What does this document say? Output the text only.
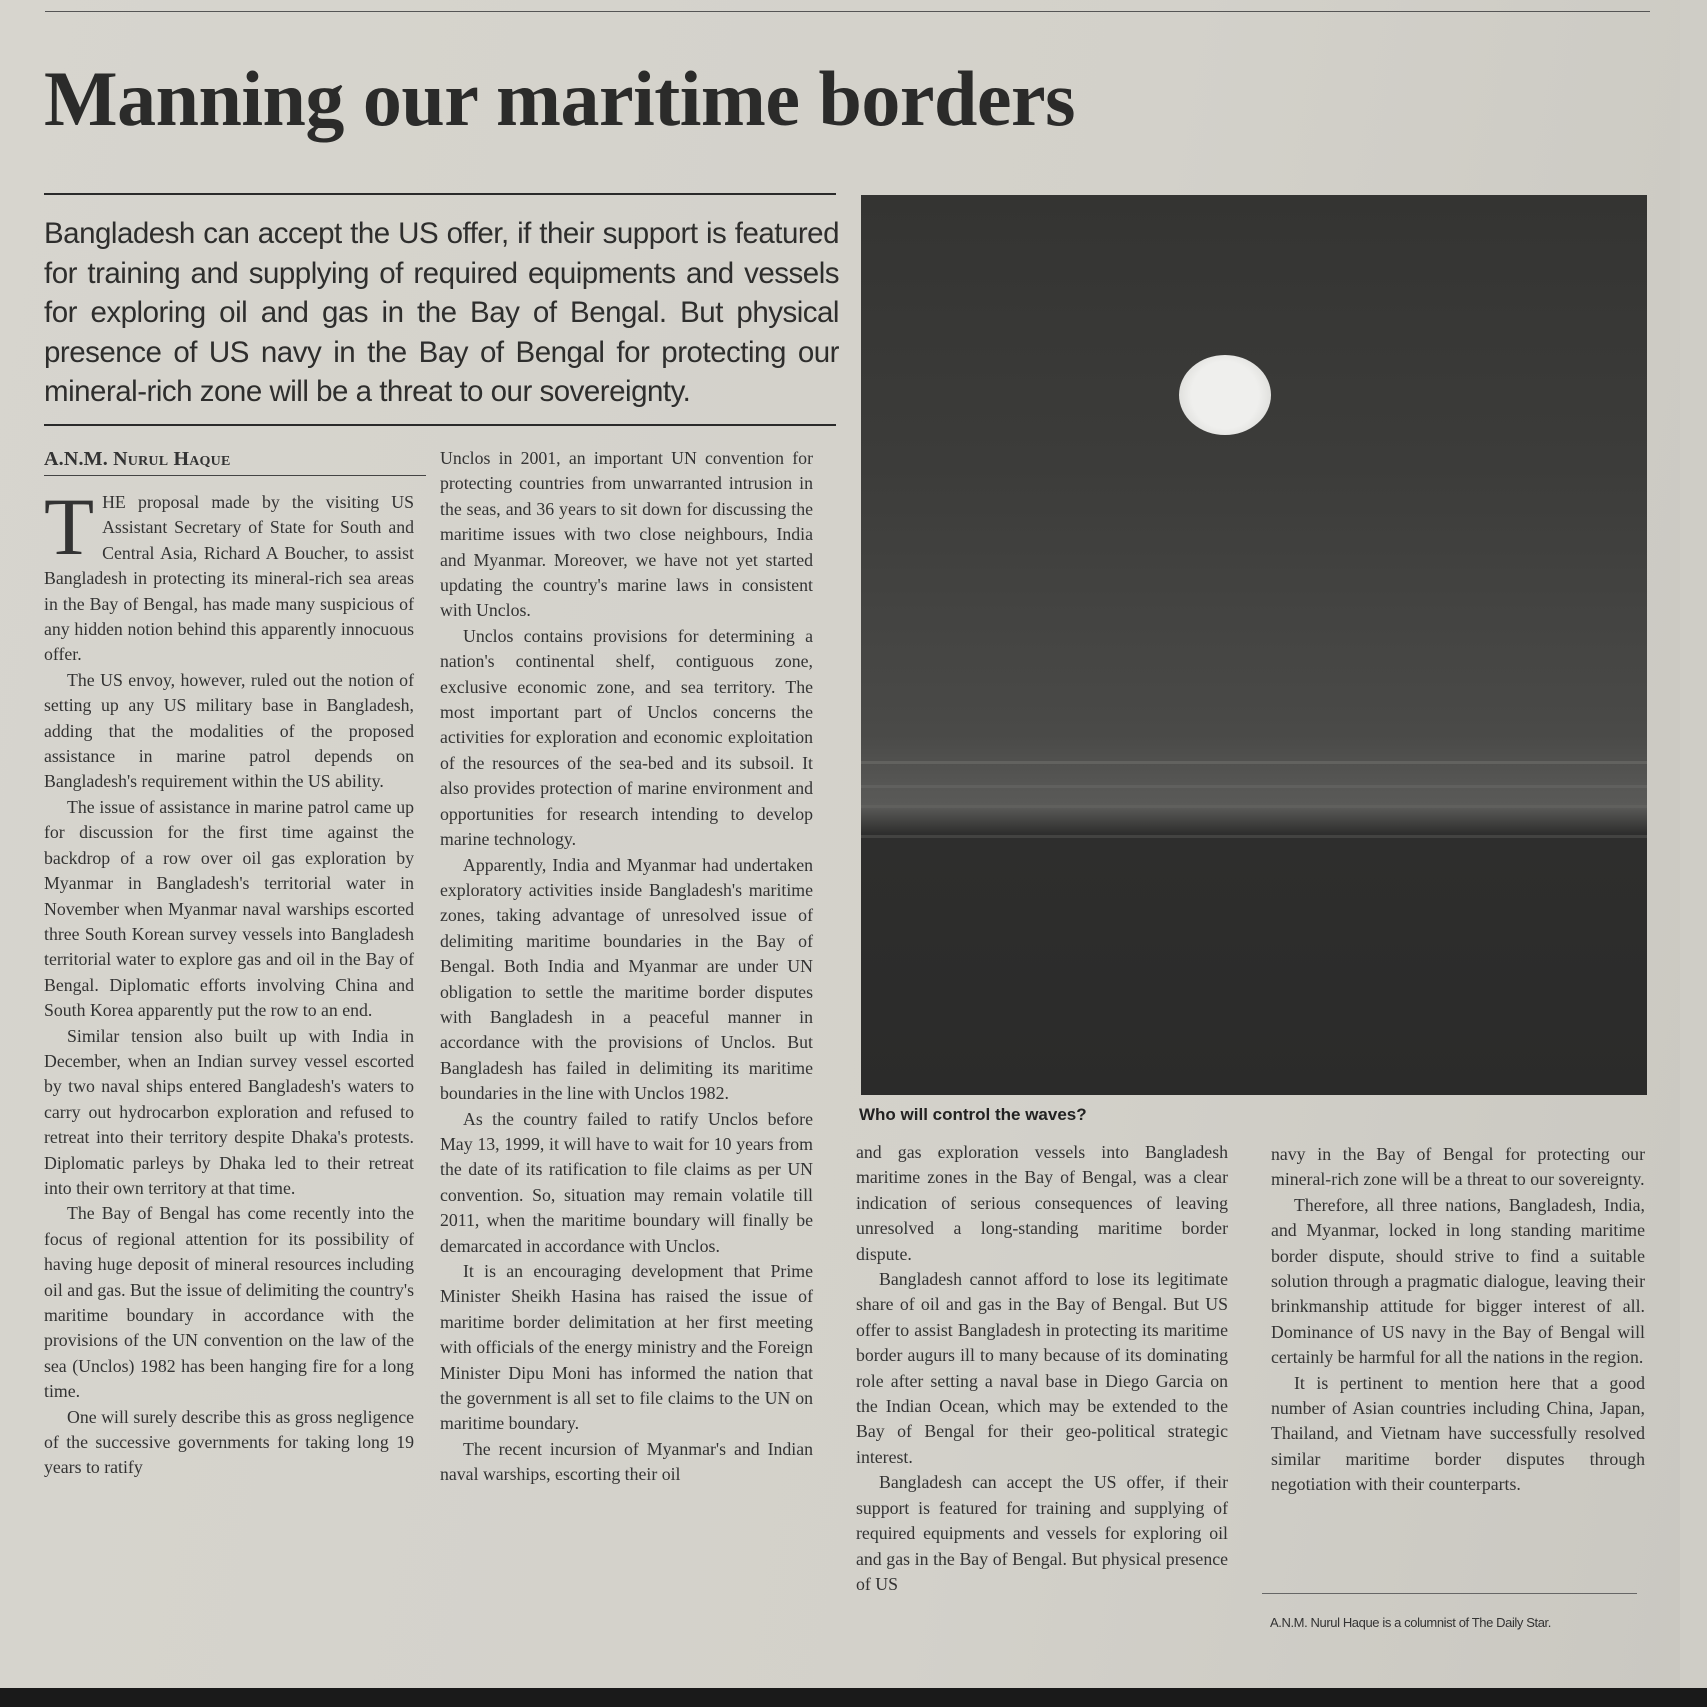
Manning our maritime borders

Bangladesh can accept the US offer, if their support is featured for training and supplying of required equipments and vessels for exploring oil and gas in the Bay of Bengal. But physical presence of US navy in the Bay of Bengal for protecting our mineral-rich zone will be a threat to our sovereignty.

A.N.M. Nurul Haque

T HE proposal made by the visiting US Assistant Secretary of State for South and Central Asia, Richard A Boucher, to assist Bangladesh in protecting its mineral-rich sea areas in the Bay of Bengal, has made many suspicious of any hidden notion behind this apparently innocuous offer.

The US envoy, however, ruled out the notion of setting up any US military base in Bangladesh, adding that the modalities of the proposed assistance in marine patrol depends on Bangladesh's requirement within the US ability.

The issue of assistance in marine patrol came up for discussion for the first time against the backdrop of a row over oil gas exploration by Myanmar in Bangladesh's territorial water in November when Myanmar naval warships escorted three South Korean survey vessels into Bangladesh territorial water to explore gas and oil in the Bay of Bengal. Diplomatic efforts involving China and South Korea apparently put the row to an end.

Similar tension also built up with India in December, when an Indian survey vessel escorted by two naval ships entered Bangladesh's waters to carry out hydrocarbon exploration and refused to retreat into their territory despite Dhaka's protests. Diplomatic parleys by Dhaka led to their retreat into their own territory at that time.

The Bay of Bengal has come recently into the focus of regional attention for its possibility of having huge deposit of mineral resources including oil and gas. But the issue of delimiting the country's maritime boundary in accordance with the provisions of the UN convention on the law of the sea (Unclos) 1982 has been hanging fire for a long time.

One will surely describe this as gross negligence of the successive governments for taking long 19 years to ratify

Unclos in 2001, an important UN convention for protecting countries from unwarranted intrusion in the seas, and 36 years to sit down for discussing the maritime issues with two close neighbours, India and Myanmar. Moreover, we have not yet started updating the country's marine laws in consistent with Unclos.

Unclos contains provisions for determining a nation's continental shelf, contiguous zone, exclusive economic zone, and sea territory. The most important part of Unclos concerns the activities for exploration and economic exploitation of the resources of the sea-bed and its subsoil. It also provides protection of marine environment and opportunities for research intending to develop marine technology.

Apparently, India and Myanmar had undertaken exploratory activities inside Bangladesh's maritime zones, taking advantage of unresolved issue of delimiting maritime boundaries in the Bay of Bengal. Both India and Myanmar are under UN obligation to settle the maritime border disputes with Bangladesh in a peaceful manner in accordance with the provisions of Unclos. But Bangladesh has failed in delimiting its maritime boundaries in the line with Unclos 1982.

As the country failed to ratify Unclos before May 13, 1999, it will have to wait for 10 years from the date of its ratification to file claims as per UN convention. So, situation may remain volatile till 2011, when the maritime boundary will finally be demarcated in accordance with Unclos.

It is an encouraging development that Prime Minister Sheikh Hasina has raised the issue of maritime border delimitation at her first meeting with officials of the energy ministry and the Foreign Minister Dipu Moni has informed the nation that the government is all set to file claims to the UN on maritime boundary.

The recent incursion of Myanmar's and Indian naval warships, escorting their oil

Who will control the waves?

and gas exploration vessels into Bangladesh maritime zones in the Bay of Bengal, was a clear indication of serious consequences of leaving unresolved a long-standing maritime border dispute.

Bangladesh cannot afford to lose its legitimate share of oil and gas in the Bay of Bengal. But US offer to assist Bangladesh in protecting its maritime border augurs ill to many because of its dominating role after setting a naval base in Diego Garcia on the Indian Ocean, which may be extended to the Bay of Bengal for their geo-political strategic interest.

Bangladesh can accept the US offer, if their support is featured for training and supplying of required equipments and vessels for exploring oil and gas in the Bay of Bengal. But physical presence of US

navy in the Bay of Bengal for protecting our mineral-rich zone will be a threat to our sovereignty.

Therefore, all three nations, Bangladesh, India, and Myanmar, locked in long standing maritime border dispute, should strive to find a suitable solution through a pragmatic dialogue, leaving their brinkmanship attitude for bigger interest of all. Dominance of US navy in the Bay of Bengal will certainly be harmful for all the nations in the region.

It is pertinent to mention here that a good number of Asian countries including China, Japan, Thailand, and Vietnam have successfully resolved similar maritime border disputes through negotiation with their counterparts.

A.N.M. Nurul Haque is a columnist of The Daily Star.
